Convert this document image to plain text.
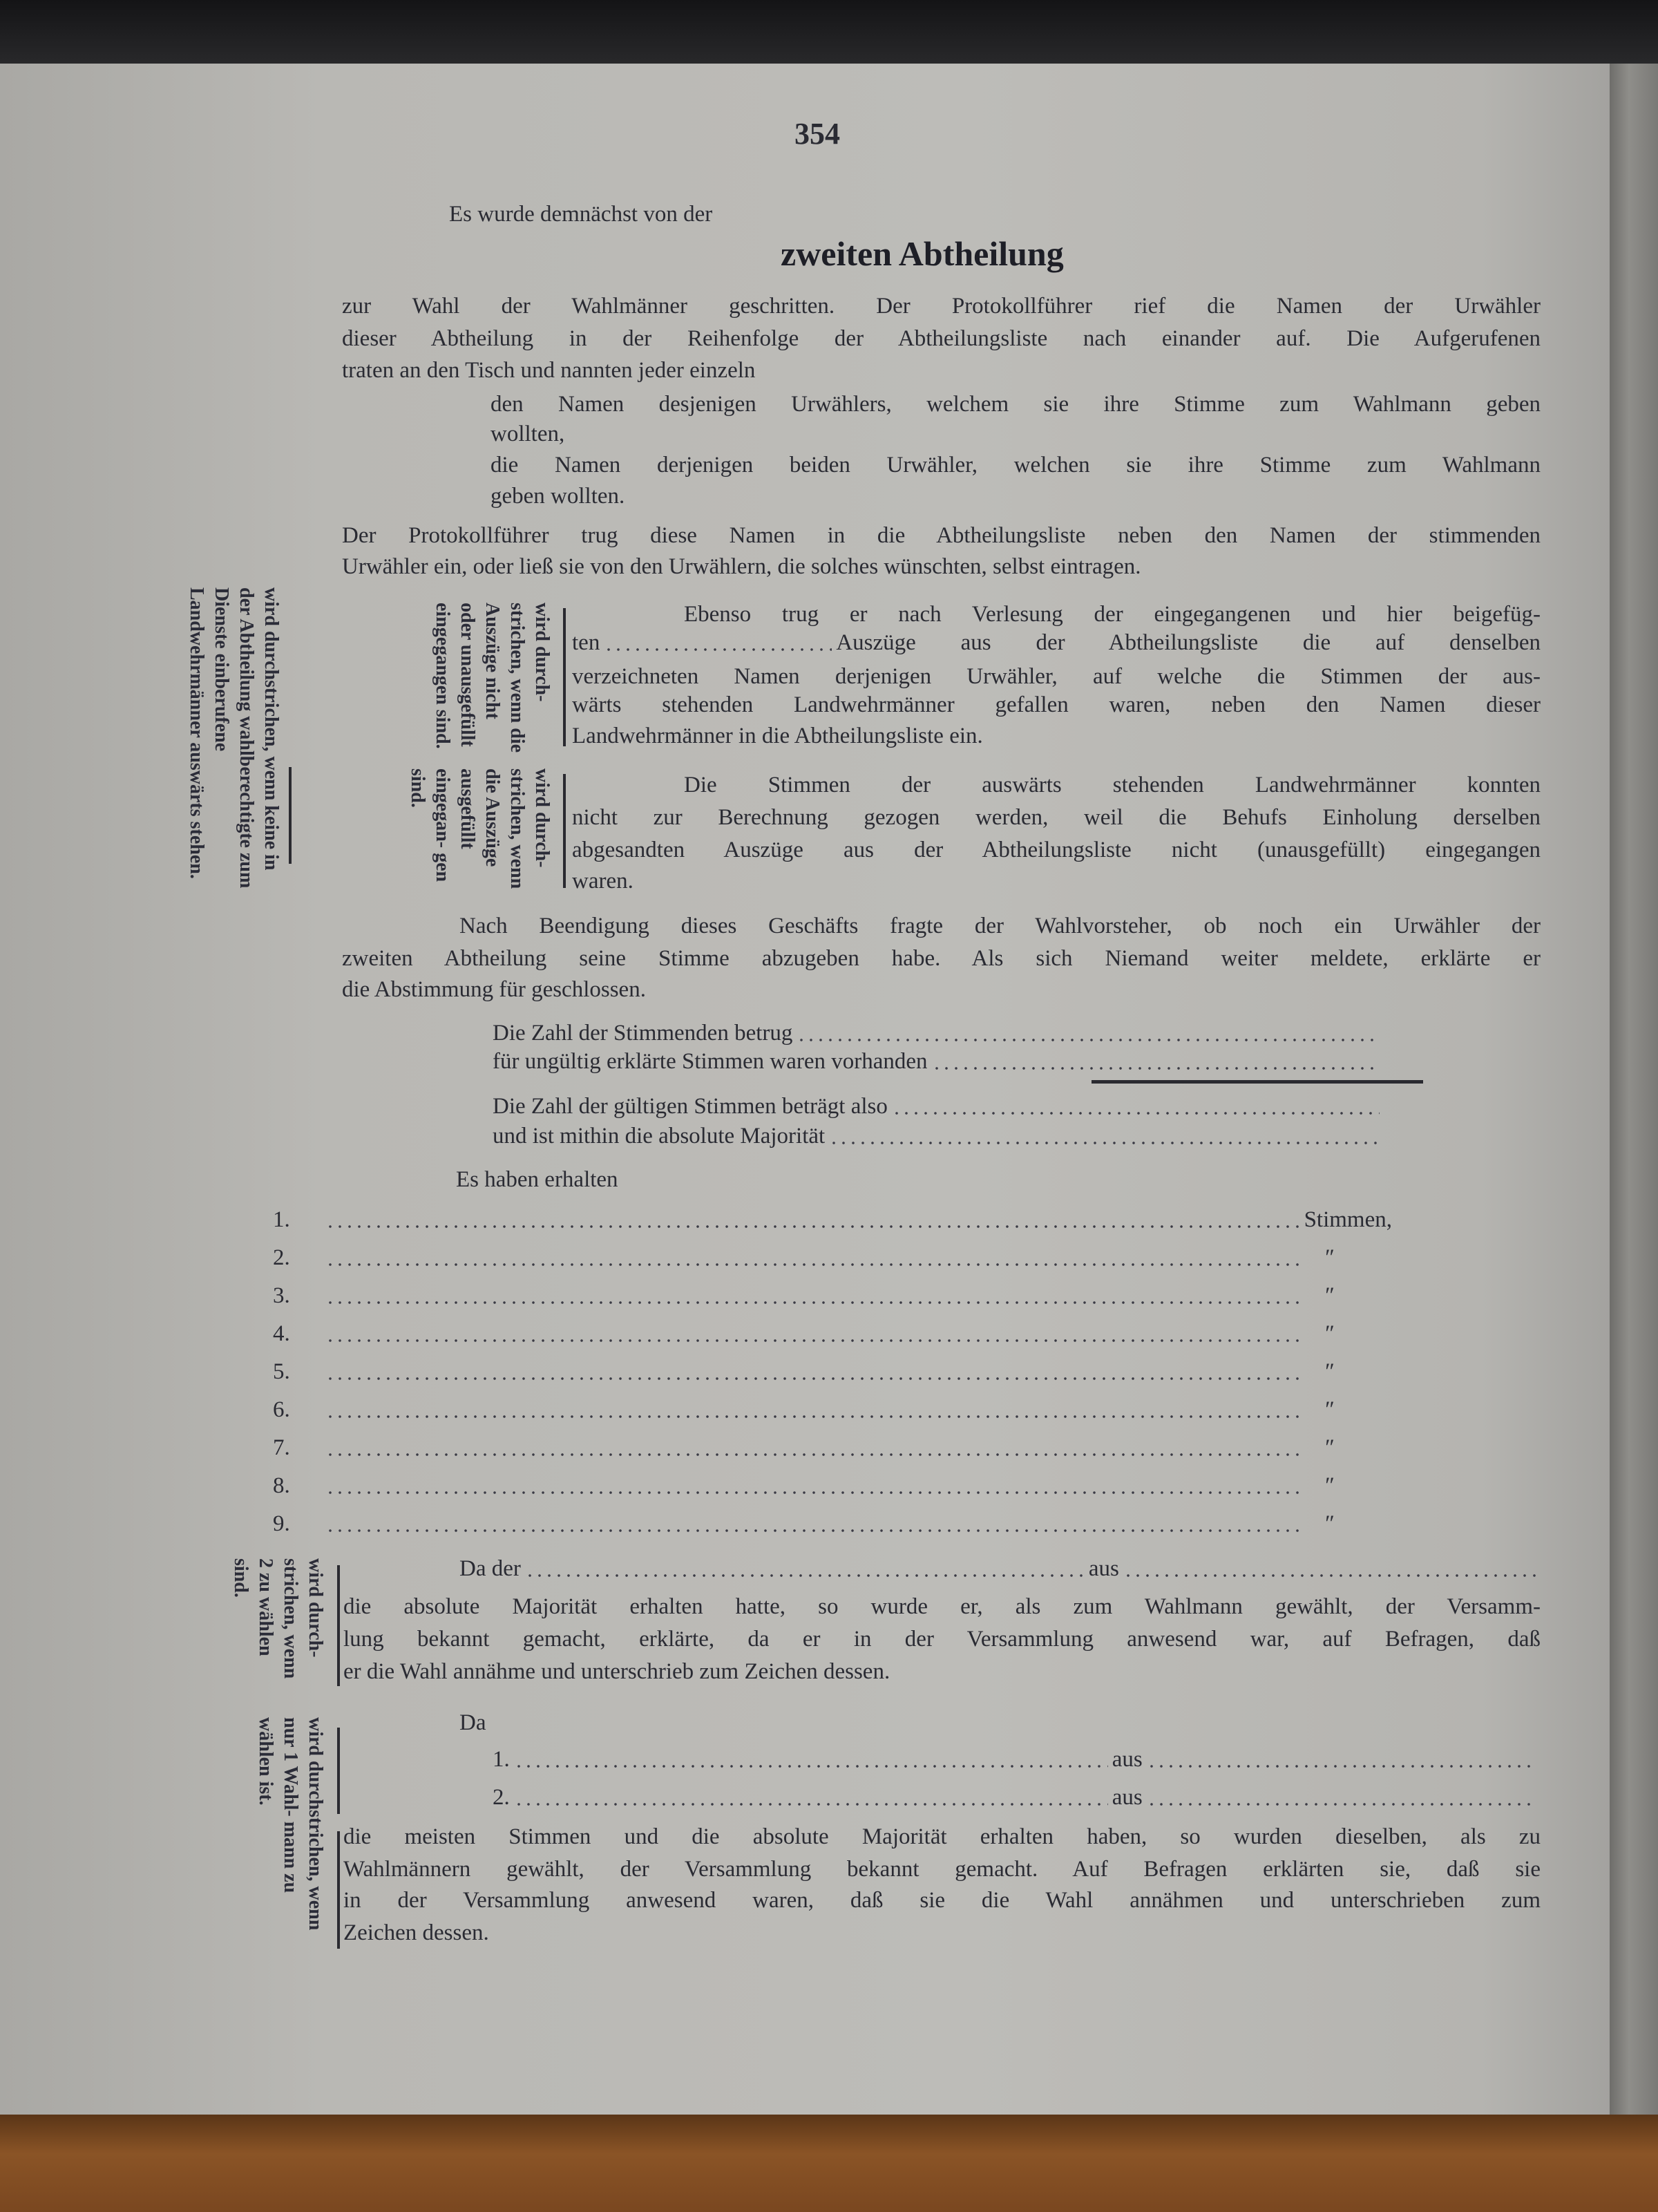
354
Es wurde demnächst von der
zweiten Abtheilung
zur Wahl der Wahlmänner geschritten. Der Protokollführer rief die Namen der Urwähler
dieser Abtheilung in der Reihenfolge der Abtheilungsliste nach einander auf. Die Aufgerufenen
traten an den Tisch und nannten jeder einzeln
den Namen desjenigen Urwählers, welchem sie ihre Stimme zum Wahlmann geben
wollten,
die Namen derjenigen beiden Urwähler, welchen sie ihre Stimme zum Wahlmann
geben wollten.
Der Protokollführer trug diese Namen in die Abtheilungsliste neben den Namen der stimmenden
Urwähler ein, oder ließ sie von den Urwählern, die solches wünschten, selbst eintragen.
wird durchstrichen, wenn keine in der Abtheilung wahlberechtigte zum Dienste einberufene Landwehrmänner auswärts stehen.	wird durch- strichen, wenn die Auszüge nicht oder unausgefüllt eingegangen sind.
wird durch- strichen, wenn die Auszüge ausgefüllt eingegan- gen sind.
Ebenso trug er nach Verlesung der eingegangenen und hier beigefüg-
ten	Auszüge aus der Abtheilungsliste die auf denselben
verzeichneten Namen derjenigen Urwähler, auf welche die Stimmen der aus-
wärts stehenden Landwehrmänner gefallen waren, neben den Namen dieser
Landwehrmänner in die Abtheilungsliste ein.
Die Stimmen der auswärts stehenden Landwehrmänner konnten
nicht zur Berechnung gezogen werden, weil die Behufs Einholung derselben
abgesandten Auszüge aus der Abtheilungsliste nicht (unausgefüllt) eingegangen
waren.
Nach Beendigung dieses Geschäfts fragte der Wahlvorsteher, ob noch ein Urwähler der
zweiten Abtheilung seine Stimme abzugeben habe. Als sich Niemand weiter meldete, erklärte er
die Abstimmung für geschlossen.
Die Zahl der Stimmenden betrug
für ungültig erklärte Stimmen waren vorhanden
Die Zahl der gültigen Stimmen beträgt also
und ist mithin die absolute Majorität
Es haben erhalten
1.	Stimmen,
2.	″
3.	″
4.	″
5.	″
6.	″
7.	″
8.	″
9.	″
wird durch- strichen, wenn 2 zu wählen sind.	Da der	aus
die absolute Majorität erhalten hatte, so wurde er, als zum Wahlmann gewählt, der Versamm-
lung bekannt gemacht, erklärte, da er in der Versammlung anwesend war, auf Befragen, daß
er die Wahl annähme und unterschrieb zum Zeichen dessen.
wird durchstrichen, wenn nur 1 Wahl- mann zu wählen ist.	Da
1.	aus
2.	aus
die meisten Stimmen und die absolute Majorität erhalten haben, so wurden dieselben, als zu
Wahlmännern gewählt, der Versammlung bekannt gemacht. Auf Befragen erklärten sie, daß sie
in der Versammlung anwesend waren, daß sie die Wahl annähmen und unterschrieben zum
Zeichen dessen.
